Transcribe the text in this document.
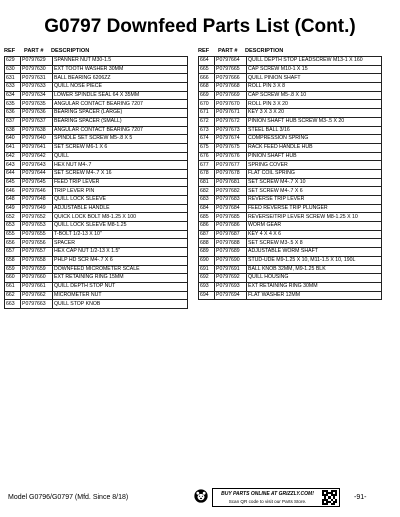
G0797 Downfeed Parts List (Cont.)
REF	PART #	DESCRIPTION
629	P0797629	SPANNER NUT M30-1.5
630	P0797630	EXT TOOTH WASHER 30MM
631	P0797631	BALL BEARING 6206ZZ
633	P0797633	QUILL NOSE PIECE
634	P0797634	LOWER SPINDLE SEAL 64 X 35MM
635	P0797635	ANGULAR CONTACT BEARING 7207
636	P0797636	BEARING SPACER (LARGE)
637	P0797637	BEARING SPACER (SMALL)
638	P0797638	ANGULAR CONTACT BEARING 7207
640	P0797640	SPINDLE SET SCREW M5-.8 X 5
641	P0797641	SET SCREW M6-1 X 6
642	P0797642	QUILL
643	P0797643	HEX NUT M4-.7
644	P0797644	SET SCREW M4-.7 X 16
645	P0797645	FEED TRIP LEVER
646	P0797646	TRIP LEVER PIN
648	P0797648	QUILL LOCK SLEEVE
649	P0797649	ADJUSTABLE HANDLE
652	P0797652	QUICK LOCK BOLT M8-1.25 X 100
653	P0797653	QUILL LOCK SLEEVE M8-1.25
655	P0797655	T-BOLT 1/2-13 X 10"
656	P0797656	SPACER
657	P0797657	HEX CAP NUT 1/2-13 X 1.5"
658	P0797658	PHLP HD SCR M4-.7 X 6
659	P0797659	DOWNFEED MICROMETER SCALE
660	P0797660	EXT RETAINING RING 15MM
661	P0797661	QUILL DEPTH STOP NUT
662	P0797662	MICROMETER NUT
663	P0797663	QUILL STOP KNOB
REF	PART #	DESCRIPTION
664	P0797664	QUILL DEPTH STOP LEADSCREW M13-1 X 160
665	P0797665	CAP SCREW M10-1 X 15
666	P0797666	QUILL PINION SHAFT
668	P0797668	ROLL PIN 3 X 8
669	P0797669	CAP SCREW M5-.8 X 10
670	P0797670	ROLL PIN 3 X 20
671	P0797671	KEY 3 X 3 X 20
672	P0797672	PINION SHAFT HUB SCREW M3-.5 X 20
673	P0797673	STEEL BALL 3/16
674	P0797674	COMPRESSION SPRING
675	P0797675	RACK FEED HANDLE HUB
676	P0797676	PINION SHAFT HUB
677	P0797677	SPRING COVER
678	P0797678	FLAT COIL SPRING
681	P0797681	SET SCREW M4-.7 X 10
682	P0797682	SET SCREW M4-.7 X 6
683	P0797683	REVERSE TRIP LEVER
684	P0797684	FEED REVERSE TRIP PLUNGER
685	P0797685	REVERSE/TRIP LEVER SCREW M8-1.25 X 10
686	P0797686	WORM GEAR
687	P0797687	KEY 4 X 4 X 6
688	P0797688	SET SCREW M3-.5 X 8
689	P0797689	ADJUSTABLE WORM SHAFT
690	P0797690	STUD-UDE M9-1.25 X 10, M11-1.5 X 10, 190L
691	P0797691	BALL KNOB 32MM, M9-1.25 BLK
692	P0797692	QUILL HOUSING
693	P0797693	EXT RETAINING RING 30MM
694	P0797694	FLAT WASHER 12MM
Model G0796/G0797 (Mfd. Since 8/18)
BUY PARTS ONLINE AT GRIZZLY.COM!
Scan QR code to visit our Parts Store.	-91-
